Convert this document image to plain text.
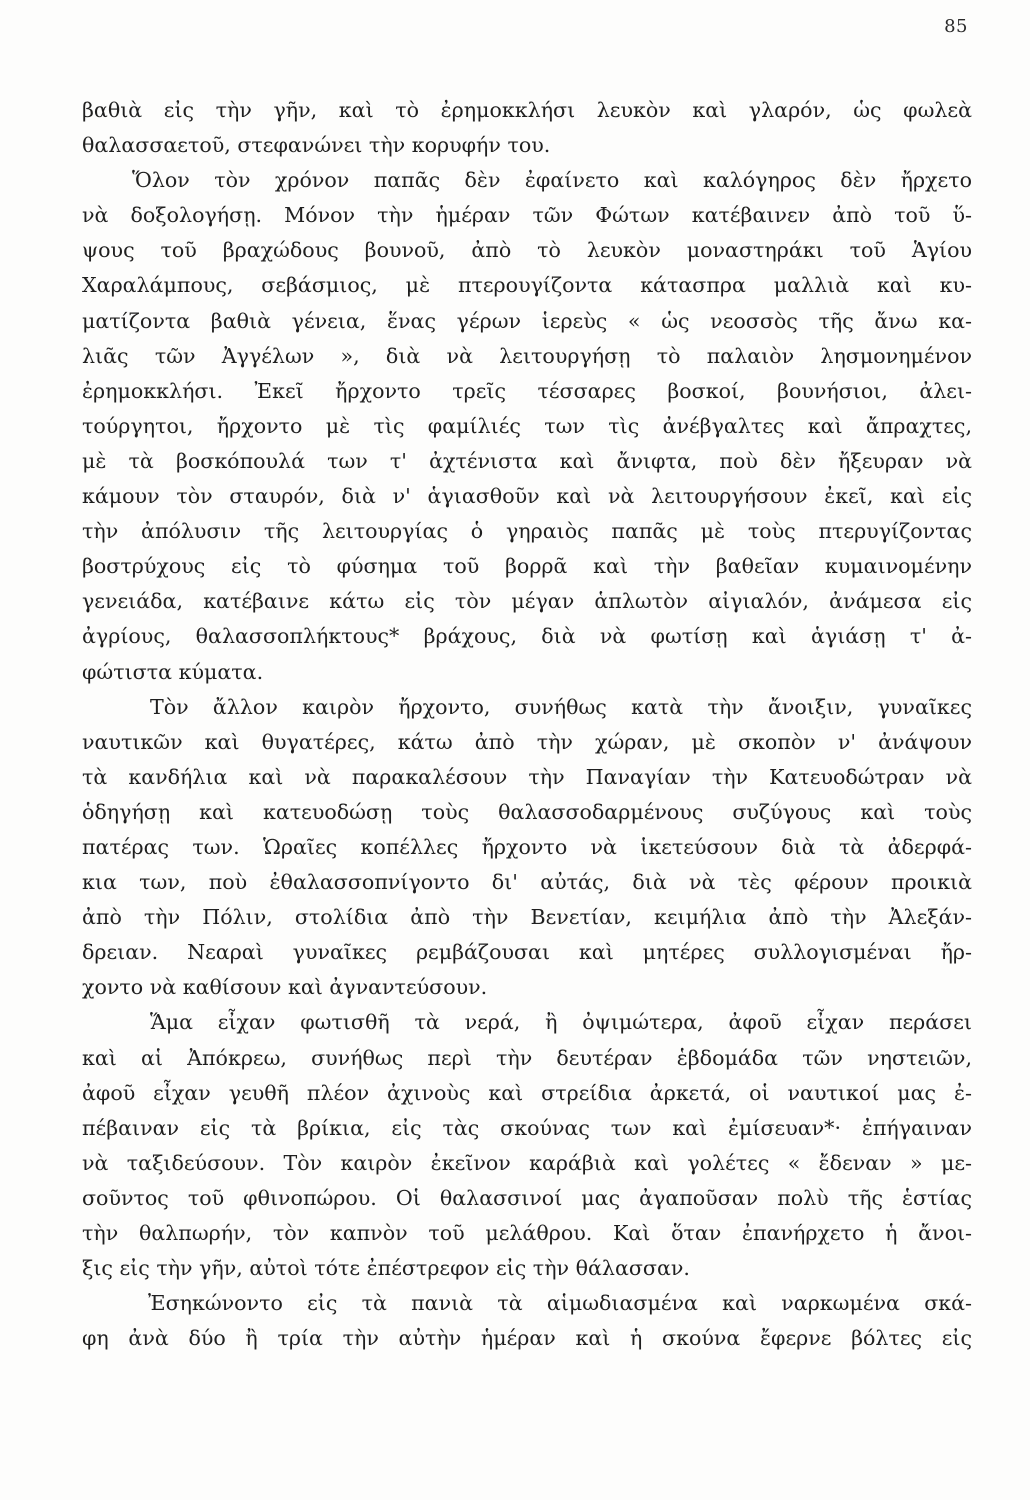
85
βαθιὰ εἰς τὴν γῆν, καὶ τὸ ἐρημοκκλήσι λευκὸν καὶ γλαρόν, ὡς φωλεὰ
θαλασσαετοῦ, στεφανώνει τὴν κορυφήν του.
Ὅλον τὸν χρόνον παπᾶς δὲν ἐφαίνετο καὶ καλόγηρος δὲν ἤρχετο
νὰ δοξολογήσῃ. Μόνον τὴν ἡμέραν τῶν Φώτων κατέβαινεν ἀπὸ τοῦ ὕ-
ψους τοῦ βραχώδους βουνοῦ, ἀπὸ τὸ λευκὸν μοναστηράκι τοῦ Ἁγίου
Χαραλάμπους, σεβάσμιος, μὲ πτερουγίζοντα κάτασπρα μαλλιὰ καὶ κυ-
ματίζοντα βαθιὰ γένεια, ἕνας γέρων ἱερεὺς « ὡς νεοσσὸς τῆς ἄνω κα-
λιᾶς τῶν Ἀγγέλων », διὰ νὰ λειτουργήσῃ τὸ παλαιὸν λησμονημένον
ἐρημοκκλήσι. Ἐκεῖ ἤρχοντο τρεῖς τέσσαρες βοσκοί, βουνήσιοι, ἀλει-
τούργητοι, ἤρχοντο μὲ τὶς φαμίλιές των τὶς ἀνέβγαλτες καὶ ἄπραχτες,
μὲ τὰ βοσκόπουλά των τ' ἀχτένιστα καὶ ἄνιφτα, ποὺ δὲν ἤξευραν νὰ
κάμουν τὸν σταυρόν, διὰ ν' ἁγιασθοῦν καὶ νὰ λειτουργήσουν ἐκεῖ, καὶ εἰς
τὴν ἀπόλυσιν τῆς λειτουργίας ὁ γηραιὸς παπᾶς μὲ τοὺς πτερυγίζοντας
βοστρύχους εἰς τὸ φύσημα τοῦ βορρᾶ καὶ τὴν βαθεῖαν κυμαινομένην
γενειάδα, κατέβαινε κάτω εἰς τὸν μέγαν ἁπλωτὸν αἰγιαλόν, ἀνάμεσα εἰς
ἀγρίους, θαλασσοπλήκτους* βράχους, διὰ νὰ φωτίσῃ καὶ ἁγιάσῃ τ' ἀ-
φώτιστα κύματα.
Τὸν ἄλλον καιρὸν ἤρχοντο, συνήθως κατὰ τὴν ἄνοιξιν, γυναῖκες
ναυτικῶν καὶ θυγατέρες, κάτω ἀπὸ τὴν χώραν, μὲ σκοπὸν ν' ἀνάψουν
τὰ κανδήλια καὶ νὰ παρακαλέσουν τὴν Παναγίαν τὴν Κατευοδώτραν νὰ
ὁδηγήσῃ καὶ κατευοδώσῃ τοὺς θαλασσοδαρμένους συζύγους καὶ τοὺς
πατέρας των. Ὡραῖες κοπέλλες ἤρχοντο νὰ ἱκετεύσουν διὰ τὰ ἀδερφά-
κια των, ποὺ ἐθαλασσοπνίγοντο δι' αὐτάς, διὰ νὰ τὲς φέρουν προικιὰ
ἀπὸ τὴν Πόλιν, στολίδια ἀπὸ τὴν Βενετίαν, κειμήλια ἀπὸ τὴν Ἀλεξάν-
δρειαν. Νεαραὶ γυναῖκες ρεμβάζουσαι καὶ μητέρες συλλογισμέναι ἤρ-
χοντο νὰ καθίσουν καὶ ἀγναντεύσουν.
Ἅμα εἶχαν φωτισθῆ τὰ νερά, ἢ ὀψιμώτερα, ἀφοῦ εἶχαν περάσει
καὶ αἱ Ἀπόκρεω, συνήθως περὶ τὴν δευτέραν ἑβδομάδα τῶν νηστειῶν,
ἀφοῦ εἶχαν γευθῆ πλέον ἀχινοὺς καὶ στρείδια ἀρκετά, οἱ ναυτικοί μας ἐ-
πέβαιναν εἰς τὰ βρίκια, εἰς τὰς σκούνας των καὶ ἐμίσευαν*· ἐπήγαιναν
νὰ ταξιδεύσουν. Τὸν καιρὸν ἐκεῖνον καράβιὰ καὶ γολέτες « ἔδεναν » με-
σοῦντος τοῦ φθινοπώρου. Οἱ θαλασσινοί μας ἀγαποῦσαν πολὺ τῆς ἑστίας
τὴν θαλπωρήν, τὸν καπνὸν τοῦ μελάθρου. Καὶ ὅταν ἐπανήρχετο ἡ ἄνοι-
ξις εἰς τὴν γῆν, αὐτοὶ τότε ἐπέστρεφον εἰς τὴν θάλασσαν.
Ἐσηκώνοντο εἰς τὰ πανιὰ τὰ αἱμωδιασμένα καὶ ναρκωμένα σκά-
φη ἀνὰ δύο ἢ τρία τὴν αὐτὴν ἡμέραν καὶ ἡ σκούνα ἔφερνε βόλτες εἰς
